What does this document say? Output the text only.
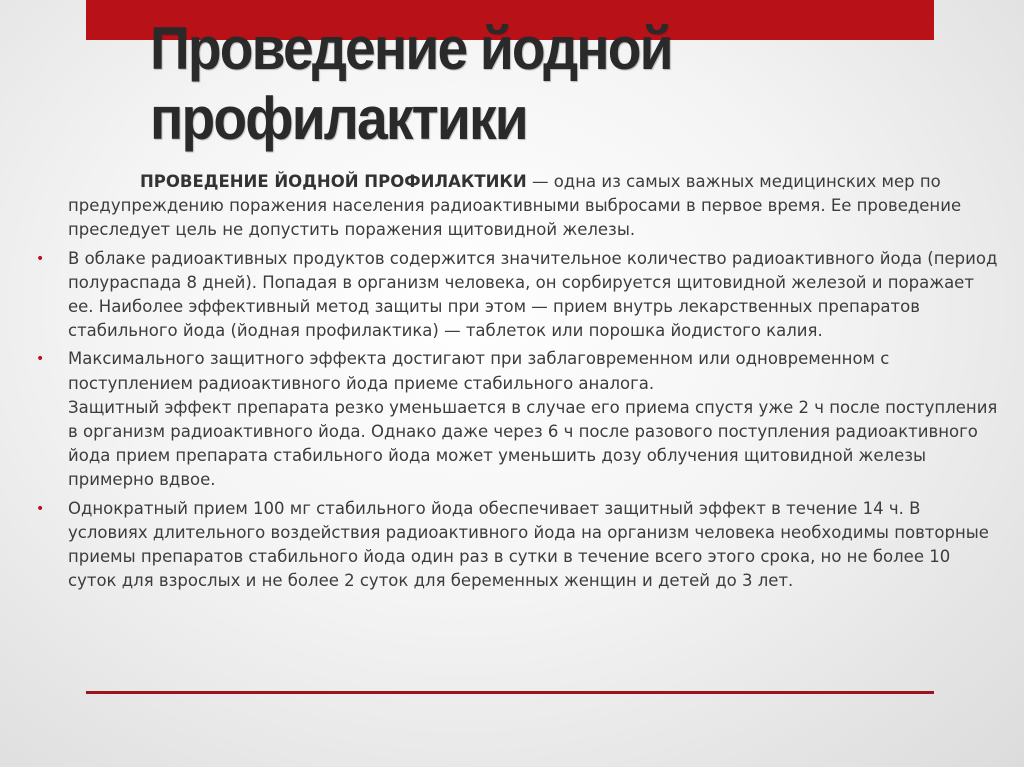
Проведение йодной
профилактики

ПРОВЕДЕНИЕ ЙОДНОЙ ПРОФИЛАКТИКИ — одна из самых важных медицинских мер по предупреждению поражения населения радиоактивными выбросами в первое время. Ее проведение преследует цель не допустить поражения щитовидной железы.

• В облаке радиоактивных продуктов содержится значительное количество радиоактивного йода (период полураспада 8 дней). Попадая в организм человека, он сорбируется щитовидной железой и поражает ее. Наиболее эффективный метод защиты при этом — прием внутрь лекарственных препаратов стабильного йода (йодная профилактика) — таблеток или порошка йодистого калия.

• Максимального защитного эффекта достигают при заблаговременном или одновременном с поступлением радиоактивного йода приеме стабильного аналога.

Защитный эффект препарата резко уменьшается в случае его приема спустя уже 2 ч после поступления в организм радиоактивного йода. Однако даже через 6 ч после разового поступления радиоактивного йода прием препарата стабильного йода может уменьшить дозу облучения щитовидной железы примерно вдвое.

• Однократный прием 100 мг стабильного йода обеспечивает защитный эффект в течение 14 ч. В условиях длительного воздействия радиоактивного йода на организм человека необходимы повторные приемы препаратов стабильного йода один раз в сутки в течение всего этого срока, но не более 10 суток для взрослых и не более 2 суток для беременных женщин и детей до 3 лет.
